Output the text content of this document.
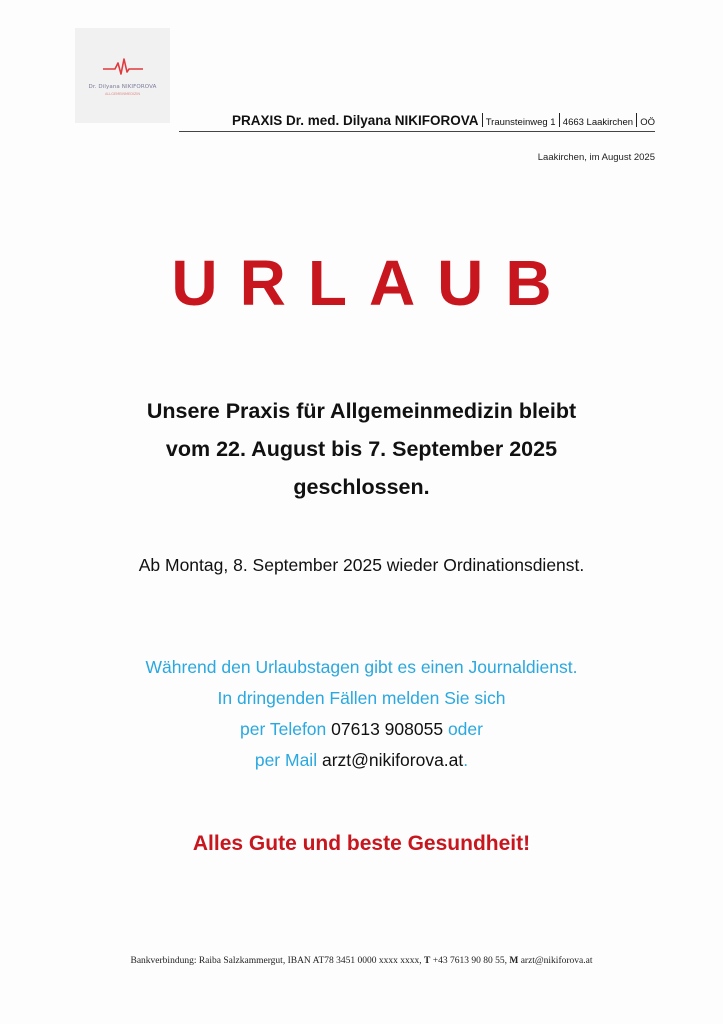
Dr. Dilyana NIKIFOROVA
ALLGEMEINMEDIZIN
PRAXIS Dr. med. Dilyana NIKIFOROVA Traunsteinweg 1 4663 Laakirchen OÖ
Laakirchen, im August 2025
URLAUB
Unsere Praxis für Allgemeinmedizin bleibt
vom 22. August bis 7. September 2025
geschlossen.
Ab Montag, 8. September 2025 wieder Ordinationsdienst.
Während den Urlaubstagen gibt es einen Journaldienst.
In dringenden Fällen melden Sie sich
per Telefon 07613 908055 oder
per Mail arzt@nikiforova.at.
Alles Gute und beste Gesundheit!
Bankverbindung: Raiba Salzkammergut, IBAN AT78 3451 0000 xxxx xxxx, T +43 7613 90 80 55, M arzt@nikiforova.at
